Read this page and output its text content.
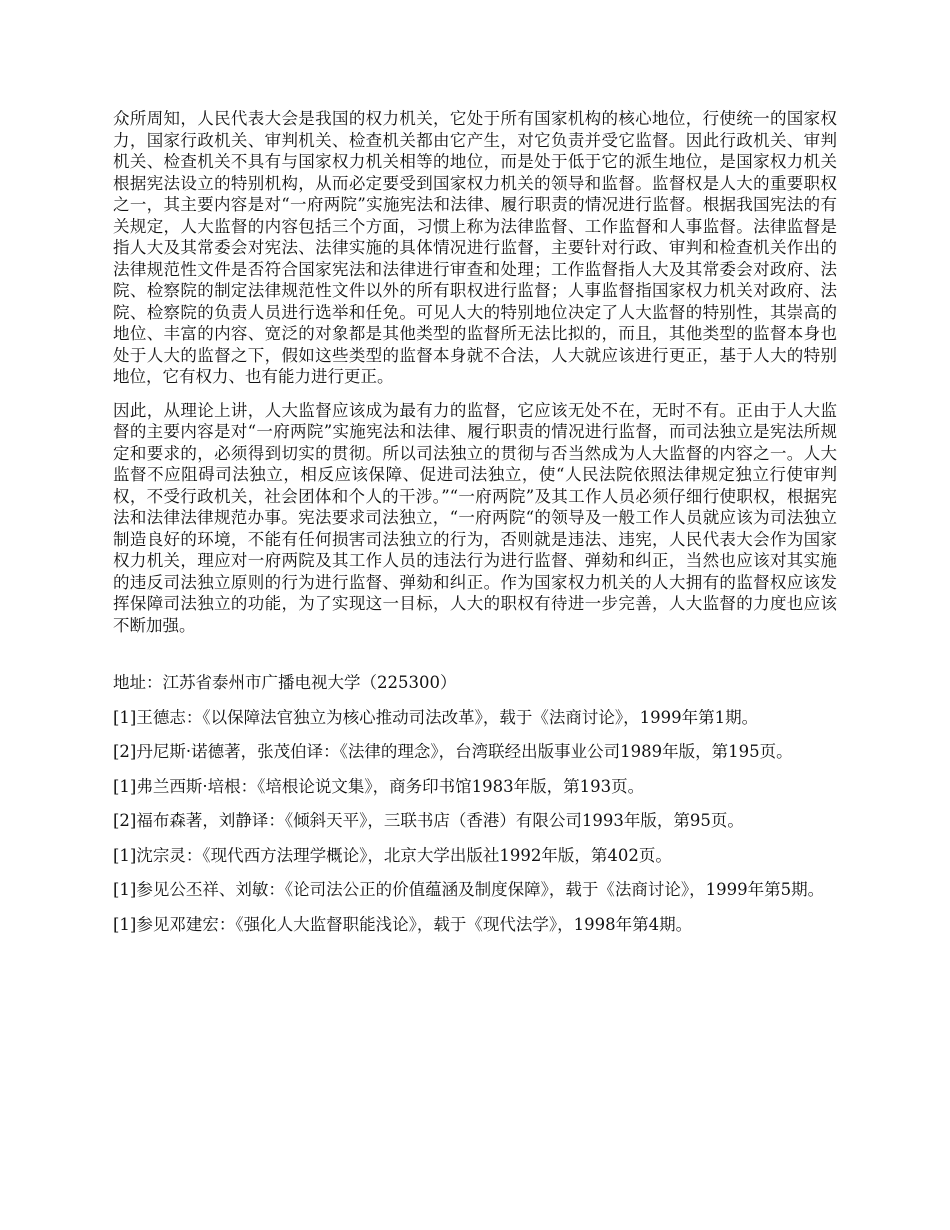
众所周知，人民代表大会是我国的权力机关，它处于所有国家机构的核心地位，行使统一的国家权力，国家行政机关、审判机关、检查机关都由它产生，对它负责并受它监督。因此行政机关、审判机关、检查机关不具有与国家权力机关相等的地位，而是处于低于它的派生地位，是国家权力机关根据宪法设立的特别机构，从而必定要受到国家权力机关的领导和监督。监督权是人大的重要职权之一，其主要内容是对“一府两院”实施宪法和法律、履行职责的情况进行监督。根据我国宪法的有关规定，人大监督的内容包括三个方面，习惯上称为法律监督、工作监督和人事监督。法律监督是指人大及其常委会对宪法、法律实施的具体情况进行监督，主要针对行政、审判和检查机关作出的法律规范性文件是否符合国家宪法和法律进行审查和处理；工作监督指人大及其常委会对政府、法院、检察院的制定法律规范性文件以外的所有职权进行监督；人事监督指国家权力机关对政府、法院、检察院的负责人员进行选举和任免。可见人大的特别地位决定了人大监督的特别性，其崇高的地位、丰富的内容、宽泛的对象都是其他类型的监督所无法比拟的，而且，其他类型的监督本身也处于人大的监督之下，假如这些类型的监督本身就不合法，人大就应该进行更正，基于人大的特别地位，它有权力、也有能力进行更正。

因此，从理论上讲，人大监督应该成为最有力的监督，它应该无处不在，无时不有。正由于人大监督的主要内容是对“一府两院”实施宪法和法律、履行职责的情况进行监督，而司法独立是宪法所规定和要求的，必须得到切实的贯彻。所以司法独立的贯彻与否当然成为人大监督的内容之一。人大监督不应阻碍司法独立，相反应该保障、促进司法独立，使“人民法院依照法律规定独立行使审判权，不受行政机关，社会团体和个人的干涉。”“一府两院”及其工作人员必须仔细行使职权，根据宪法和法律法律规范办事。宪法要求司法独立，“一府两院“的领导及一般工作人员就应该为司法独立制造良好的环境，不能有任何损害司法独立的行为，否则就是违法、违宪，人民代表大会作为国家权力机关，理应对一府两院及其工作人员的违法行为进行监督、弹劾和纠正，当然也应该对其实施的违反司法独立原则的行为进行监督、弹劾和纠正。作为国家权力机关的人大拥有的监督权应该发挥保障司法独立的功能，为了实现这一目标，人大的职权有待进一步完善，人大监督的力度也应该不断加强。

地址：江苏省泰州市广播电视大学（225300）

[1]王德志：《以保障法官独立为核心推动司法改革》，载于《法商讨论》，1999年第1期。

[2]丹尼斯·诺德著，张茂伯译：《法律的理念》，台湾联经出版事业公司1989年版，第195页。

[1]弗兰西斯·培根：《培根论说文集》，商务印书馆1983年版，第193页。

[2]福布森著，刘静译：《倾斜天平》，三联书店（香港）有限公司1993年版，第95页。

[1]沈宗灵：《现代西方法理学概论》，北京大学出版社1992年版，第402页。

[1]参见公丕祥、刘敏：《论司法公正的价值蕴涵及制度保障》，载于《法商讨论》，1999年第5期。

[1]参见邓建宏：《强化人大监督职能浅论》，载于《现代法学》，1998年第4期。
